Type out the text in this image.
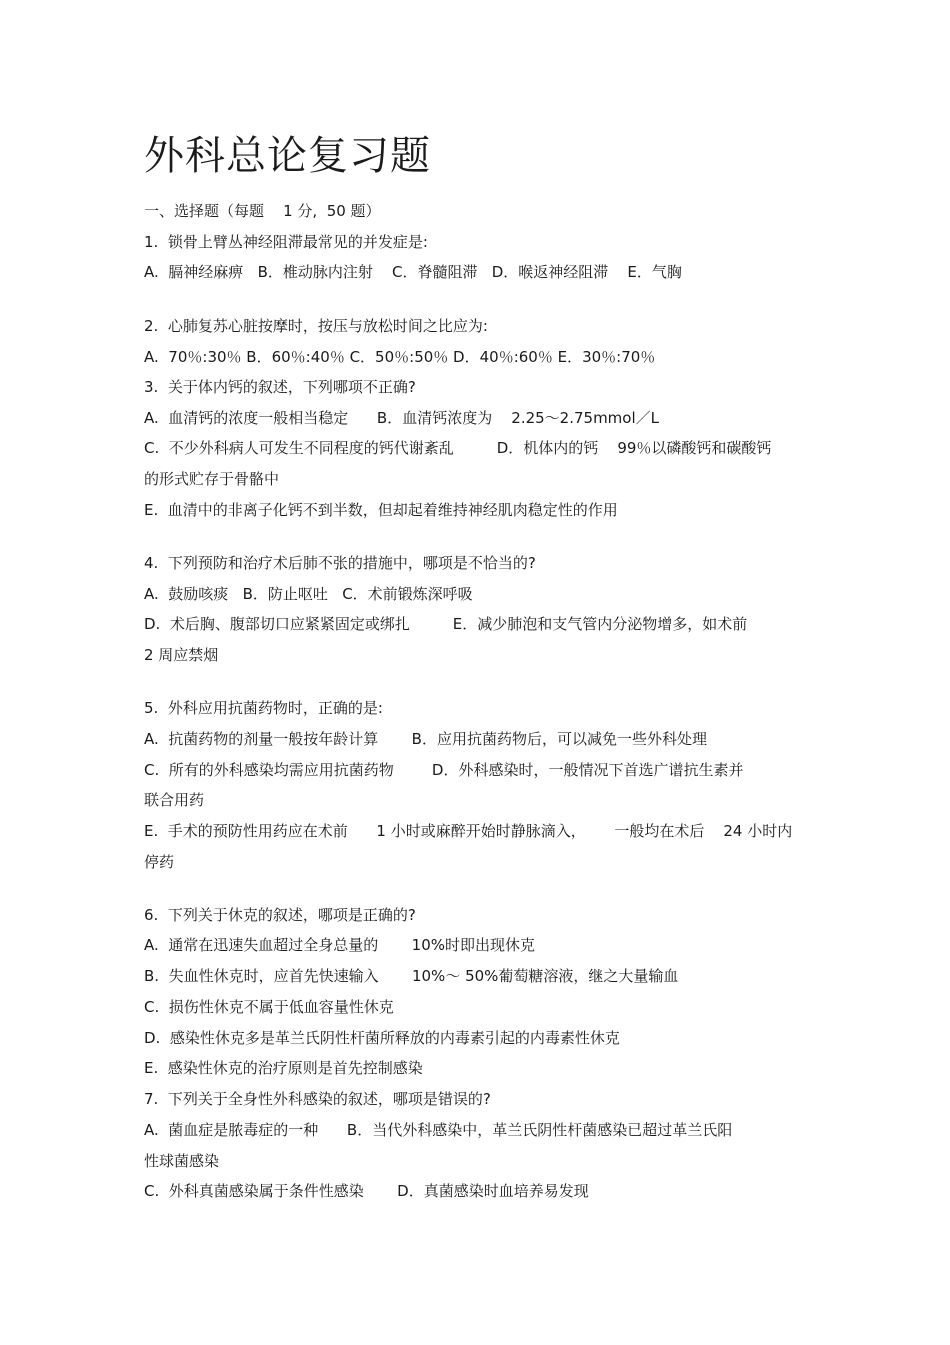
外科总论复习题
一、选择题（每题    1 分,  50 题）
1.  锁骨上臂丛神经阻滞最常见的并发症是:
A.  膈神经麻痹   B．椎动脉内注射    C．脊髓阻滞   D．喉返神经阻滞    E．气胸
2.  心肺复苏心脏按摩时，按压与放松时间之比应为:
A.  70％:30％ B．60％:40％ C．50％:50％ D．40％:60％ E．30％:70％
3.  关于体内钙的叙述，下列哪项不正确?
A.  血清钙的浓度一般相当稳定      B．血清钙浓度为    2.25～2.75mmol／L
C.  不少外科病人可发生不同程度的钙代谢紊乱         D．机体内的钙    99％以磷酸钙和碳酸钙
的形式贮存于骨骼中
E.  血清中的非离子化钙不到半数，但却起着维持神经肌肉稳定性的作用
4.  下列预防和治疗术后肺不张的措施中，哪项是不恰当的?
A.  鼓励咳痰   B．防止呕吐   C．术前锻炼深呼吸
D.  术后胸、腹部切口应紧紧固定或绑扎         E．减少肺泡和支气管内分泌物增多，如术前
2 周应禁烟
5.  外科应用抗菌药物时，正确的是:
A.  抗菌药物的剂量一般按年龄计算       B．应用抗菌药物后，可以减免一些外科处理
C.  所有的外科感染均需应用抗菌药物        D．外科感染时，一般情况下首选广谱抗生素并
联合用药
E.  手术的预防性用药应在术前      1 小时或麻醉开始时静脉滴入，      一般均在术后    24 小时内
停药
6.  下列关于休克的叙述，哪项是正确的?
A.  通常在迅速失血超过全身总量的       10%时即出现休克
B.  失血性休克时，应首先快速输入       10%～ 50%葡萄糖溶液，继之大量输血
C.  损伤性休克不属于低血容量性休克
D.  感染性休克多是革兰氏阴性杆菌所释放的内毒素引起的内毒素性休克
E.  感染性休克的治疗原则是首先控制感染
7.  下列关于全身性外科感染的叙述，哪项是错误的?
A.  菌血症是脓毒症的一种      B．当代外科感染中，革兰氏阴性杆菌感染已超过革兰氏阳
性球菌感染
C.  外科真菌感染属于条件性感染       D．真菌感染时血培养易发现
